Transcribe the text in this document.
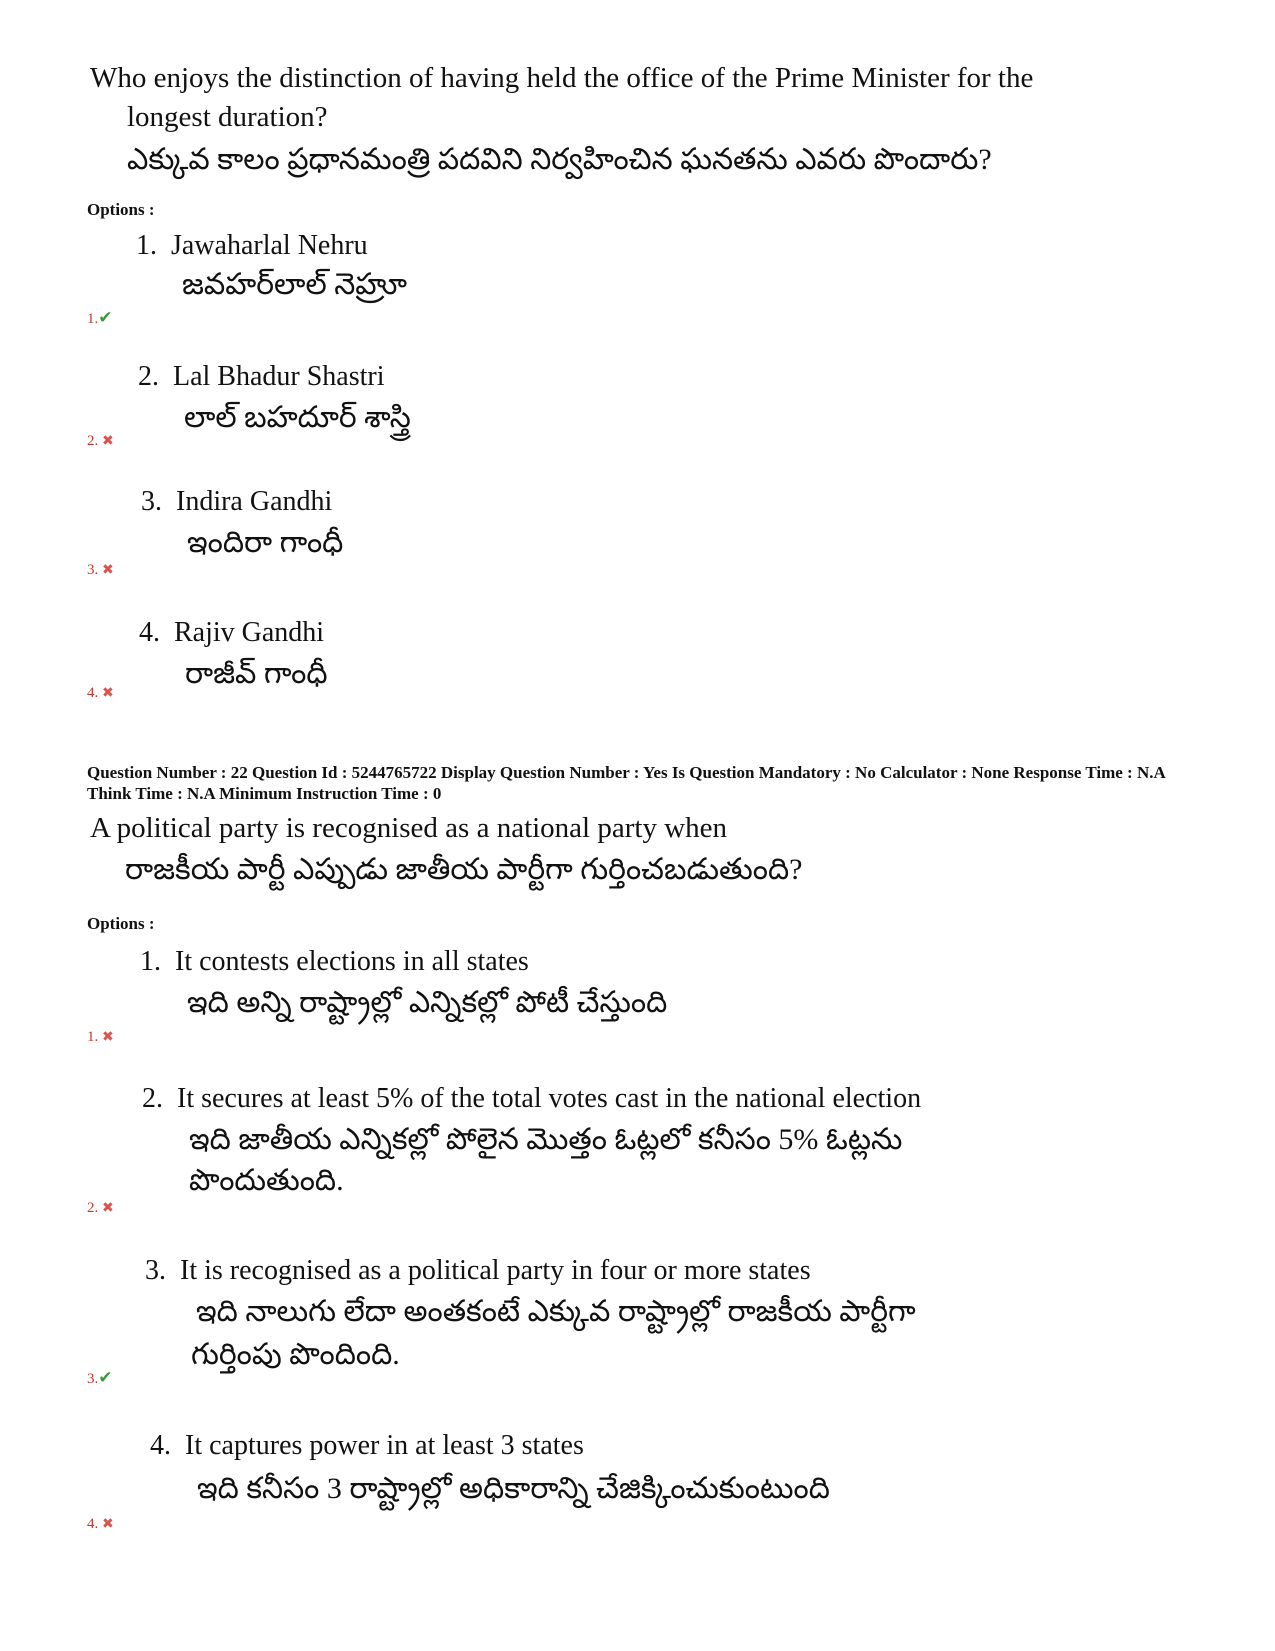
Who enjoys the distinction of having held the office of the Prime Minister for the
longest duration?
ఎక్కువ కాలం ప్రధానమంత్రి పదవిని నిర్వహించిన ఘనతను ఎవరు పొందారు?
Options :
1. Jawaharlal Nehru
జవహర్‌లాల్ నెహ్రూ
1.✔
2. Lal Bhadur Shastri
లాల్ బహదూర్ శాస్త్రి
2. ✖
3. Indira Gandhi
ఇందిరా గాంధీ
3. ✖
4. Rajiv Gandhi
రాజీవ్ గాంధీ
4. ✖
Question Number : 22 Question Id : 5244765722 Display Question Number : Yes Is Question Mandatory : No Calculator : None Response Time : N.A Think Time : N.A Minimum Instruction Time : 0
A political party is recognised as a national party when
రాజకీయ పార్టీ ఎప్పుడు జాతీయ పార్టీగా గుర్తించబడుతుంది?
Options :
1. It contests elections in all states
ఇది అన్ని రాష్ట్రాల్లో ఎన్నికల్లో పోటీ చేస్తుంది
1. ✖
2. It secures at least 5% of the total votes cast in the national election
ఇది జాతీయ ఎన్నికల్లో పోలైన మొత్తం ఓట్లలో కనీసం 5% ఓట్లను
పొందుతుంది.
2. ✖
3. It is recognised as a political party in four or more states
ఇది నాలుగు లేదా అంతకంటే ఎక్కువ రాష్ట్రాల్లో రాజకీయ పార్టీగా
గుర్తింపు పొందింది.
3.✔
4. It captures power in at least 3 states
ఇది కనీసం 3 రాష్ట్రాల్లో అధికారాన్ని చేజిక్కించుకుంటుంది
4. ✖
